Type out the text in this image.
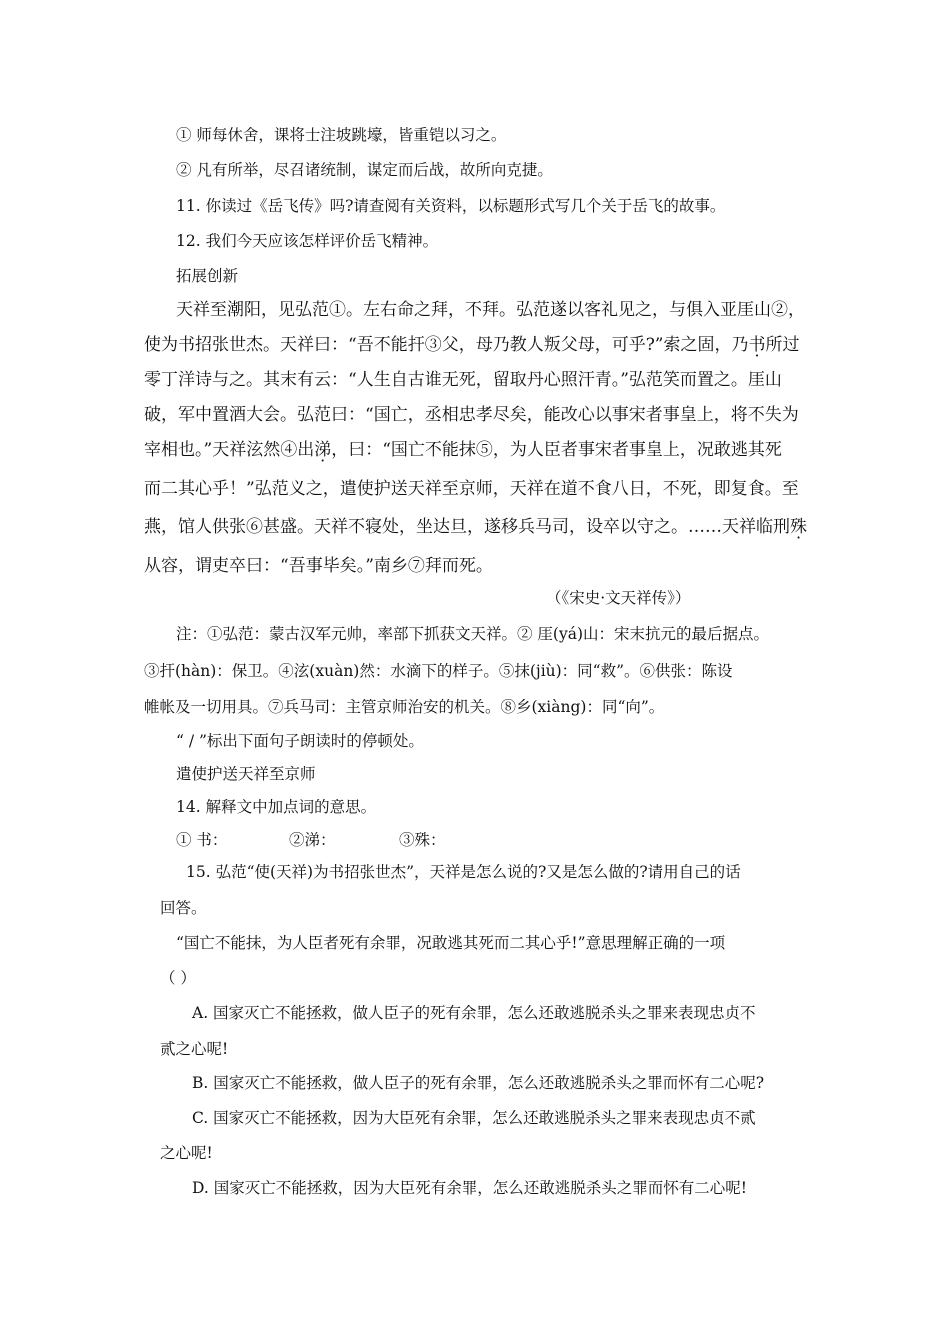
① 师每休舍，课将士注坡跳壕，皆重铠以习之。
② 凡有所举，尽召诸统制，谋定而后战，故所向克捷。
11. 你读过《岳飞传》吗?请查阅有关资料，以标题形式写几个关于岳飞的故事。
12. 我们今天应该怎样评价岳飞精神。
拓展创新
天祥至潮阳，见弘范①。左右命之拜，不拜。弘范遂以客礼见之，与俱入亚厓山②，
使为书招张世杰。天祥曰：“吾不能扞③父，母乃教人叛父母，可乎?”索之固，乃书所过
零丁洋诗与之。其末有云：“人生自古谁无死，留取丹心照汗青。”弘范笑而置之。厓山
破，军中置酒大会。弘范曰：“国亡，丞相忠孝尽矣，能改心以事宋者事皇上，将不失为
宰相也。”天祥泫然④出涕，曰：“国亡不能抹⑤，为人臣者事宋者事皇上，况敢逃其死
而二其心乎！”弘范义之，遣使护送天祥至京师，天祥在道不食八日，不死，即复食。至
燕，馆人供张⑥甚盛。天祥不寝处，坐达旦，遂移兵马司，设卒以守之。……天祥临刑殊
从容，谓吏卒曰：“吾事毕矣。”南乡⑦拜而死。
（《宋史·文天祥传》）
注：①弘范：蒙古汉军元帅，率部下抓获文天祥。② 厓(yá)山：宋末抗元的最后据点。
③扞(hàn)：保卫。④泫(xuàn)然：水滴下的样子。⑤抹(jiù)：同“救”。⑥供张：陈设
帷帐及一切用具。⑦兵马司：主管京师治安的机关。⑧乡(xiàng)：同“向”。
“ / ”标出下面句子朗读时的停顿处。
遣使护送天祥至京师
14. 解释文中加点词的意思。
① 书：	②涕：	③殊：
15. 弘范“使(天祥)为书招张世杰”，天祥是怎么说的?又是怎么做的?请用自己的话
回答。
“国亡不能抹，为人臣者死有余罪，况敢逃其死而二其心乎!”意思理解正确的一项
（ ）
A. 国家灭亡不能拯救，做人臣子的死有余罪，怎么还敢逃脱杀头之罪来表现忠贞不
贰之心呢!
B. 国家灭亡不能拯救，做人臣子的死有余罪，怎么还敢逃脱杀头之罪而怀有二心呢?
C. 国家灭亡不能拯救，因为大臣死有余罪，怎么还敢逃脱杀头之罪来表现忠贞不贰
之心呢!
D. 国家灭亡不能拯救，因为大臣死有余罪，怎么还敢逃脱杀头之罪而怀有二心呢!
